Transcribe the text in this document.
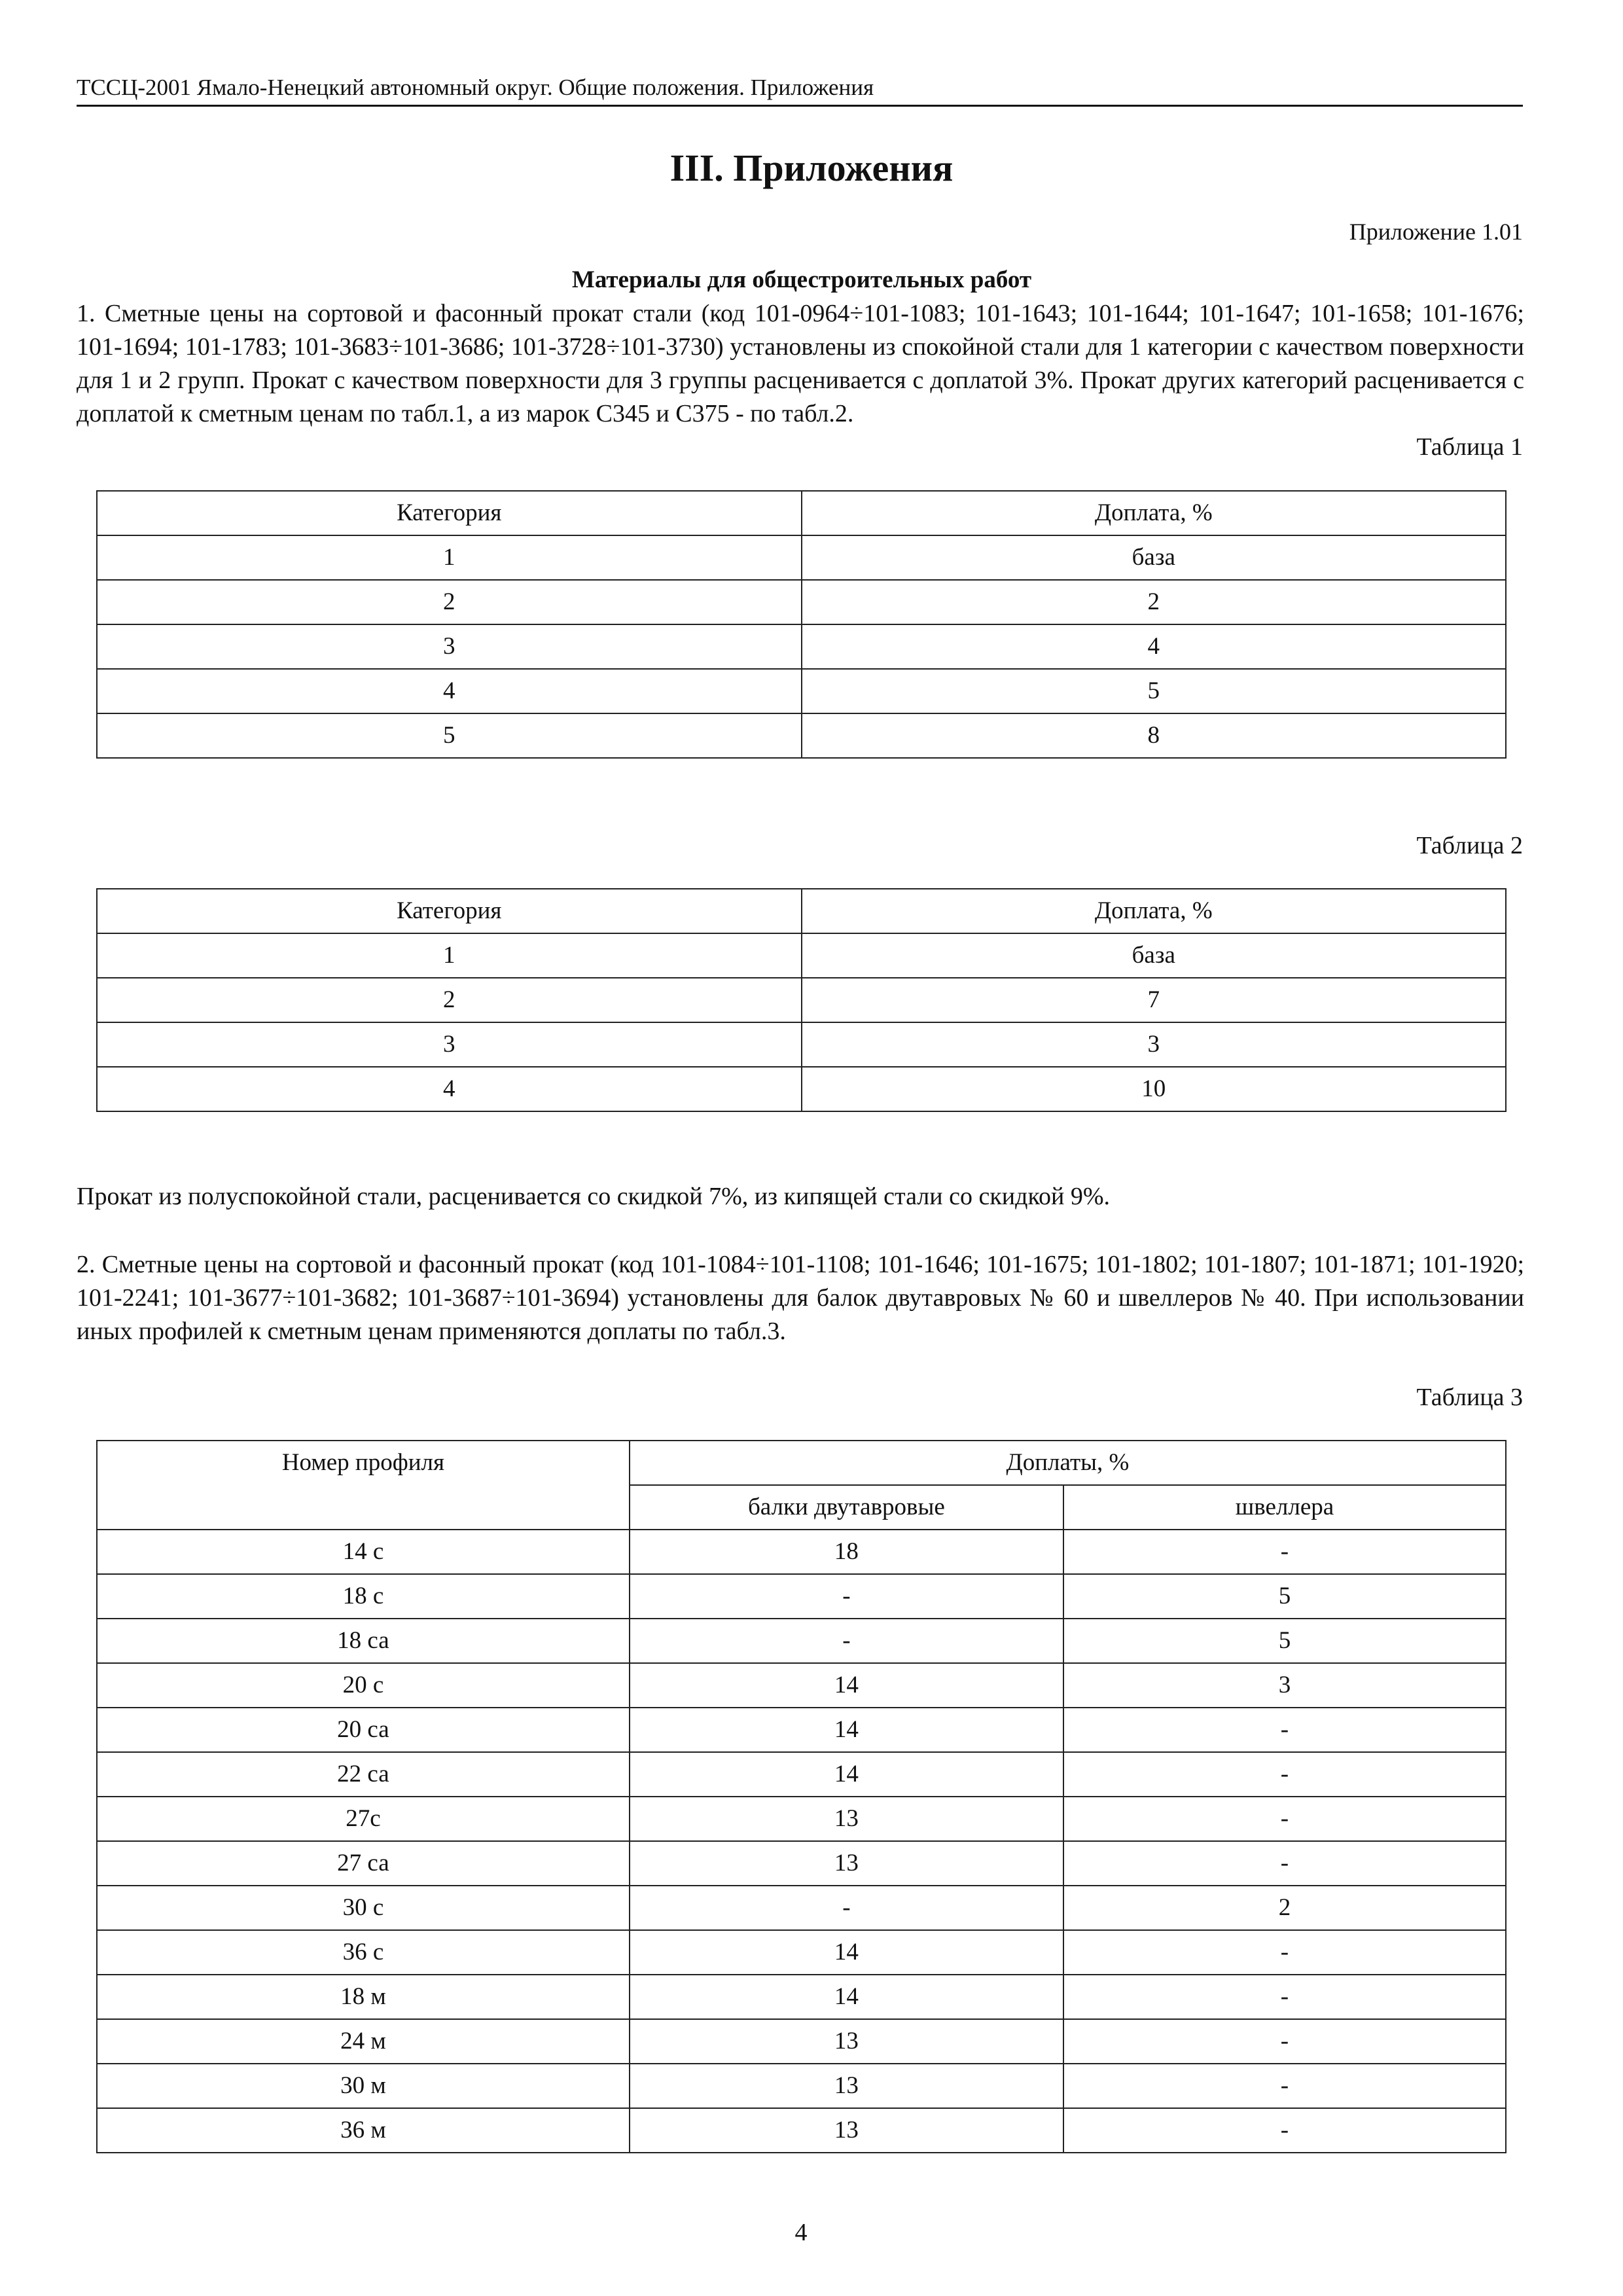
ТССЦ-2001 Ямало-Ненецкий автономный округ. Общие положения. Приложения
III. Приложения
Приложение 1.01
Материалы для общестроительных работ
1. Сметные цены на сортовой и фасонный прокат стали (код 101-0964÷101-1083; 101-1643; 101-1644; 101-1647; 101-1658; 101-1676; 101-1694; 101-1783; 101-3683÷101-3686; 101-3728÷101-3730) установлены из спокойной стали для 1 категории с качеством поверхности для 1 и 2 групп. Прокат с качеством поверхности для 3 группы расценивается с доплатой 3%. Прокат других категорий расценивается с доплатой к сметным ценам по табл.1, а из марок С345 и С375 - по табл.2.
Таблица 1
Категория	Доплата, %
1	база
2	2
3	4
4	5
5	8
Таблица 2
Категория	Доплата, %
1	база
2	7
3	3
4	10
Прокат из полуспокойной стали, расценивается со скидкой 7%, из кипящей стали со скидкой 9%.
2. Сметные цены на сортовой и фасонный прокат (код 101-1084÷101-1108; 101-1646; 101-1675; 101-1802; 101-1807; 101-1871; 101-1920; 101-2241; 101-3677÷101-3682; 101-3687÷101-3694) установлены для балок двутавровых № 60 и швеллеров № 40. При использовании иных профилей к сметным ценам применяются доплаты по табл.3.
Таблица 3
Номер профиля	Доплаты, %	
	балки двутавровые	швеллера
14 с	18	-
18 с	-	5
18 са	-	5
20 с	14	3
20 са	14	-
22 са	14	-
27с	13	-
27 са	13	-
30 с	-	2
36 с	14	-
18 м	14	-
24 м	13	-
30 м	13	-
36 м	13	-
4
